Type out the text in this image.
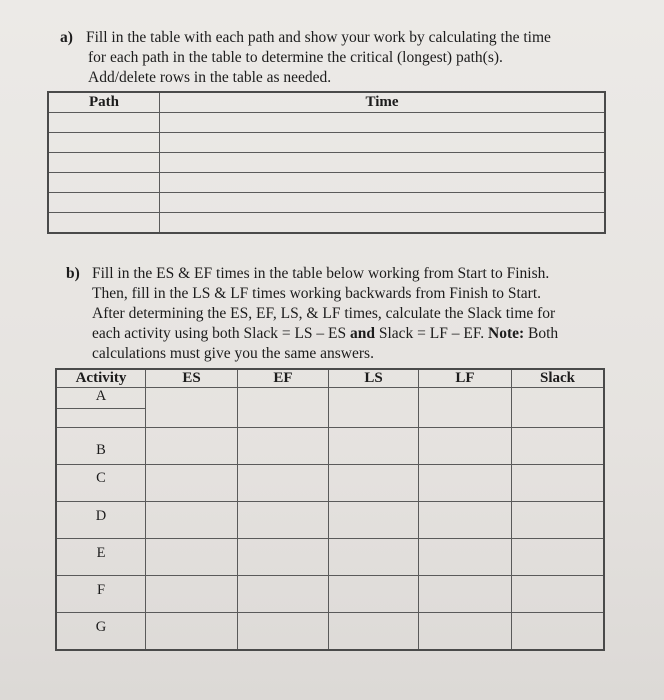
a) Fill in the table with each path and show your work by calculating the time
for each path in the table to determine the critical (longest) path(s).
Add/delete rows in the table as needed.
Path	Time

b) Fill in the ES & EF times in the table below working from Start to Finish.
Then, fill in the LS & LF times working backwards from Finish to Start.
After determining the ES, EF, LS, & LF times, calculate the Slack time for
each activity using both Slack = LS – ES and Slack = LF – EF. Note: Both
calculations must give you the same answers.
Activity	ES	EF	LS	LF	Slack

A					

B					

C					

D					

E					

F					

G					
